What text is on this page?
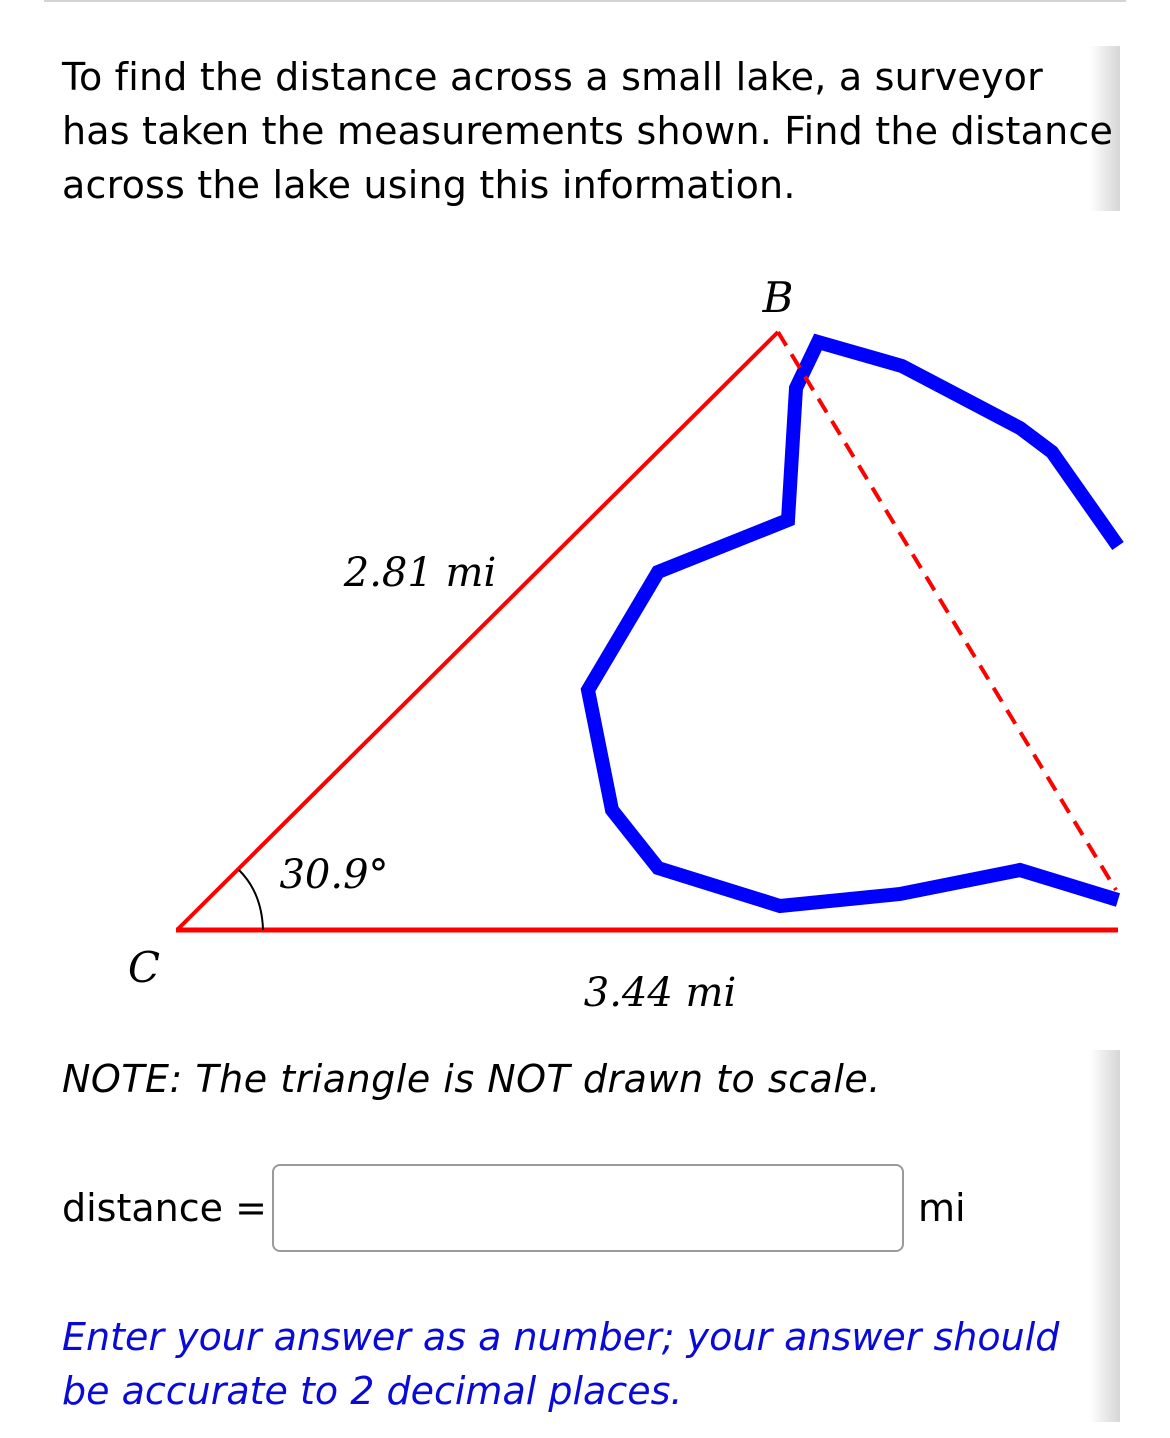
To find the distance across a small lake, a surveyor
has taken the measurements shown. Find the distance
across the lake using this information.

B
C
2.81 mi
30.9°
3.44 mi

NOTE: The triangle is NOT drawn to scale.

distance =	mi

Enter your answer as a number; your answer should
be accurate to 2 decimal places.
